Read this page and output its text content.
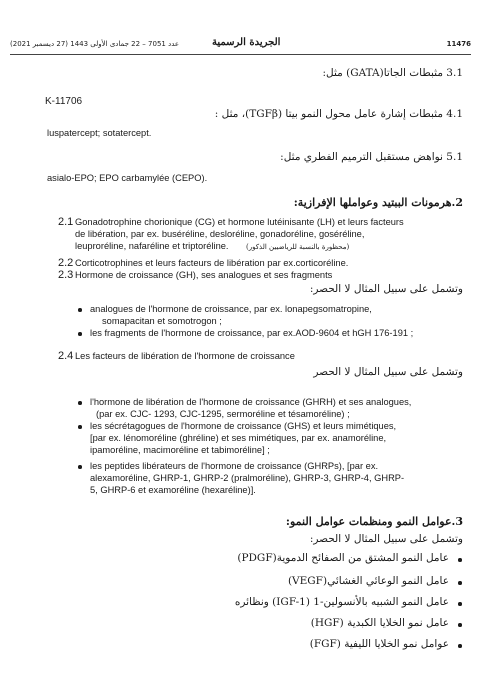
عدد 7051 – 22 جمادى الأولى 1443 (27 ديسمبر 2021)	الجريدة الرسمية	11476
3.1 مثبطات الجاتا(GATA) مثل:
K-11706
4.1 مثبطات إشارة عامل محول النمو بيتا (TGFβ)، مثل :
luspatercept; sotatercept.
5.1 نواهض مستقبل الترميم الفطري مثل:
asialo-EPO; EPO carbamylée (CEPO).
2.هرمونات الببتيد وعواملها الإفرازية:
2.1 Gonadotrophine chorionique (CG) et hormone lutéinisante (LH) et leurs facteurs
de libération, par ex. buséréline, desloréline, gonadoréline, goséréline,
leuproréline, nafaréline et triptoréline.	(محظورة بالنسبة للرياضيين الذكور)
2.2 Corticotrophines et leurs facteurs de libération par ex.corticoréline.
2.3 Hormone de croissance (GH), ses analogues et ses fragments
وتشمل على سبيل المثال لا الحصر:
analogues de l'hormone de croissance, par ex. lonapegsomatropine,
somapacitan et somotrogon ;
les fragments de l'hormone de croissance, par ex.AOD-9604 et hGH 176-191 ;
2.4 Les facteurs de libération de l'hormone de croissance
وتشمل على سبيل المثال لا الحصر
l'hormone de libération de l'hormone de croissance (GHRH) et ses analogues,
(par ex. CJC- 1293, CJC-1295, sermoréline et tésamoréline) ;
les sécrétagogues de l'hormone de croissance (GHS) et leurs mimétiques,
[par ex. lénomoréline (ghréline) et ses mimétiques, par ex. anamoréline,
ipamoréline, macimoréline et tabimoréline] ;
les peptides libérateurs de l'hormone de croissance (GHRPs), [par ex.
alexamoréline, GHRP-1, GHRP-2 (pralmoréline), GHRP-3, GHRP-4, GHRP-
5, GHRP-6 et examoréline (hexaréline)].
3.عوامل النمو ومنظمات عوامل النمو:
وتشمل على سبيل المثال لا الحصر:
عامل النمو المشتق من الصفائح الدموية(PDGF)
عامل النمو الوعائي الغشائي(VEGF)
عامل النمو الشبيه بالأنسولين-1 (IGF-1) ونظائره
عامل نمو الخلايا الكبدية (HGF)
عوامل نمو الخلايا الليفية (FGF)
